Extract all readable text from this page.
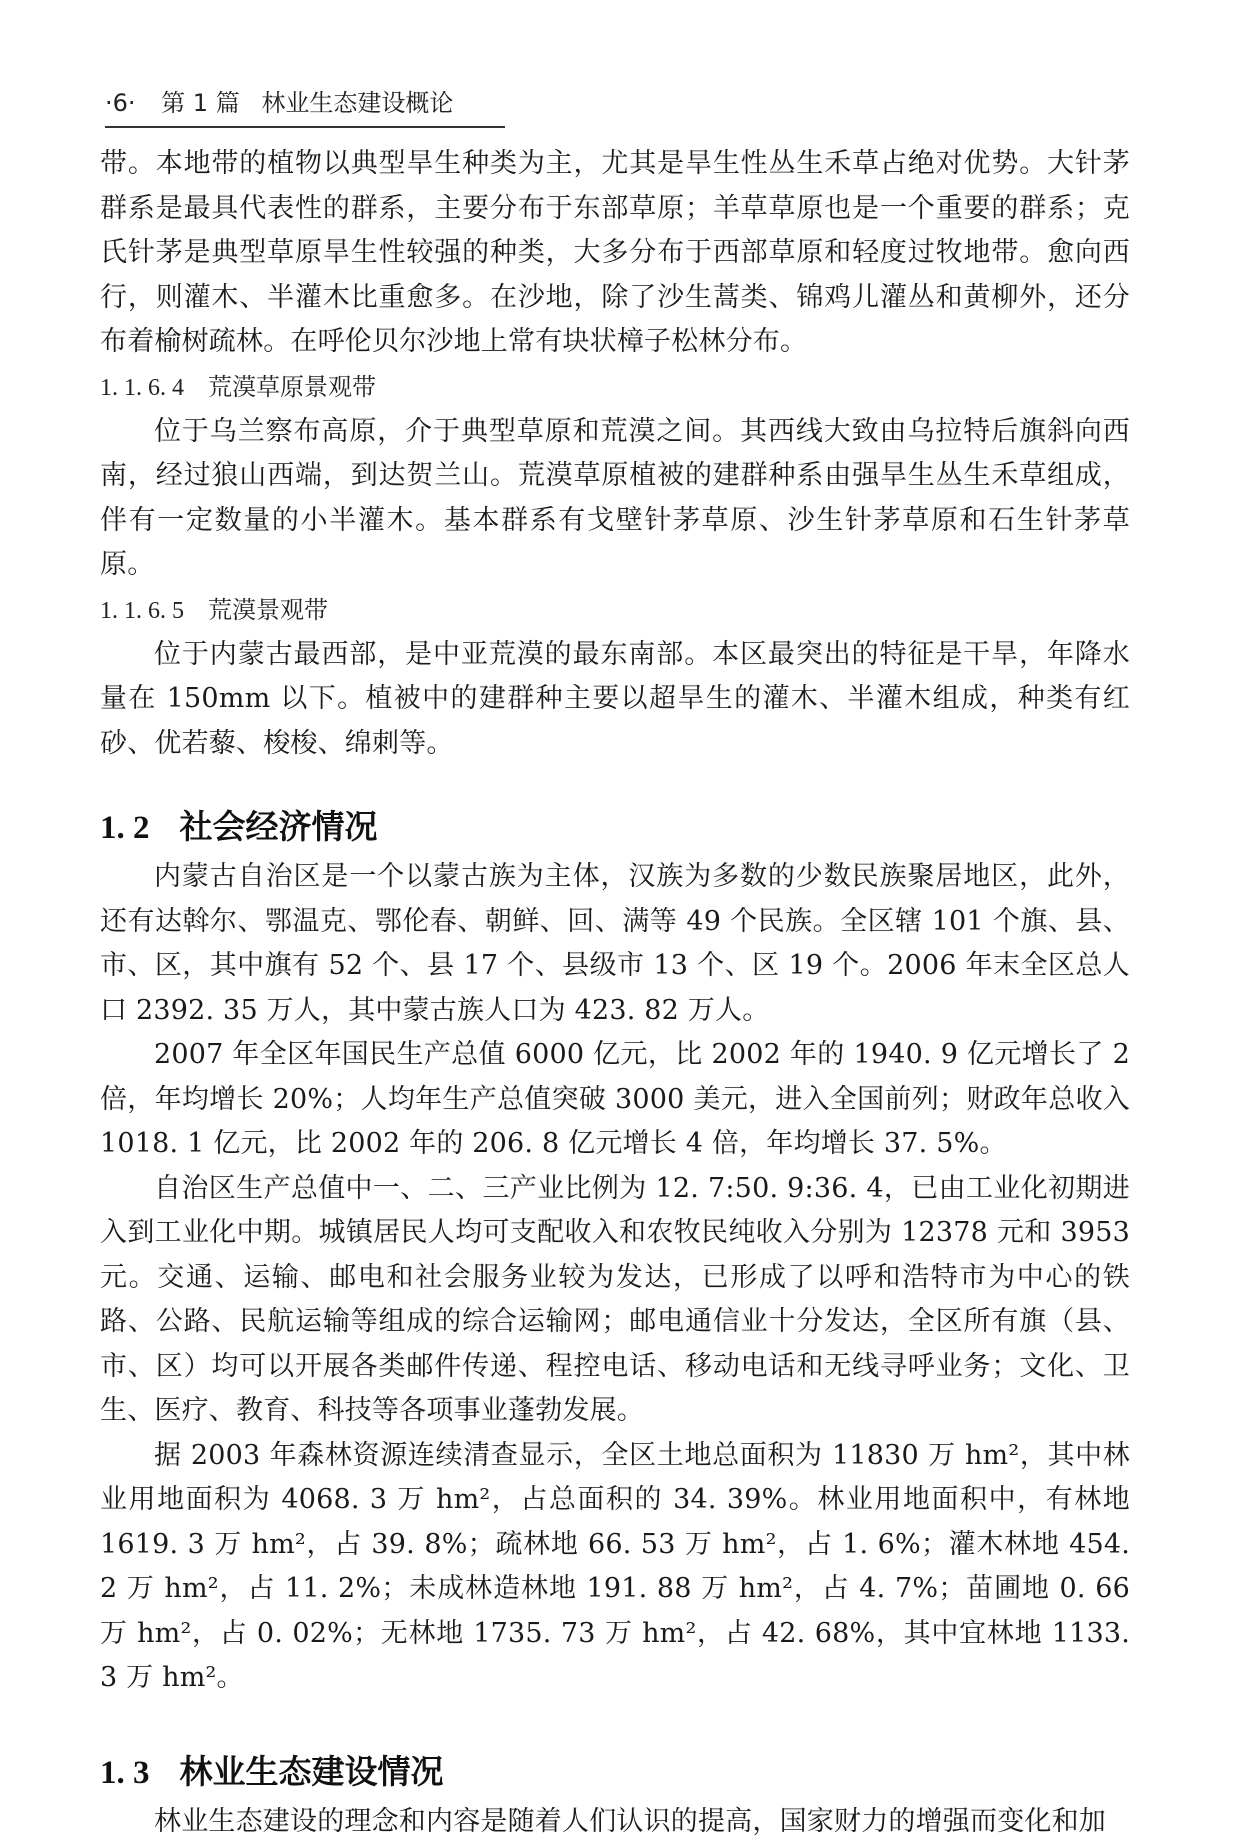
·6· 第 1 篇 林业生态建设概论

带。本地带的植物以典型旱生种类为主，尤其是旱生性丛生禾草占绝对优势。大针茅群系是最具代表性的群系，主要分布于东部草原；羊草草原也是一个重要的群系；克氏针茅是典型草原旱生性较强的种类，大多分布于西部草原和轻度过牧地带。愈向西行，则灌木、半灌木比重愈多。在沙地，除了沙生蒿类、锦鸡儿灌丛和黄柳外，还分布着榆树疏林。在呼伦贝尔沙地上常有块状樟子松林分布。

1. 1. 6. 4 荒漠草原景观带

位于乌兰察布高原，介于典型草原和荒漠之间。其西线大致由乌拉特后旗斜向西南，经过狼山西端，到达贺兰山。荒漠草原植被的建群种系由强旱生丛生禾草组成，伴有一定数量的小半灌木。基本群系有戈壁针茅草原、沙生针茅草原和石生针茅草原。

1. 1. 6. 5 荒漠景观带

位于内蒙古最西部，是中亚荒漠的最东南部。本区最突出的特征是干旱，年降水量在 150mm 以下。植被中的建群种主要以超旱生的灌木、半灌木组成，种类有红砂、优若藜、梭梭、绵刺等。

1. 2 社会经济情况

内蒙古自治区是一个以蒙古族为主体，汉族为多数的少数民族聚居地区，此外，还有达斡尔、鄂温克、鄂伦春、朝鲜、回、满等 49 个民族。全区辖 101 个旗、县、市、区，其中旗有 52 个、县 17 个、县级市 13 个、区 19 个。2006 年末全区总人口 2392. 35 万人，其中蒙古族人口为 423. 82 万人。

2007 年全区年国民生产总值 6000 亿元，比 2002 年的 1940. 9 亿元增长了 2 倍，年均增长 20%；人均年生产总值突破 3000 美元，进入全国前列；财政年总收入 1018. 1 亿元，比 2002 年的 206. 8 亿元增长 4 倍，年均增长 37. 5%。

自治区生产总值中一、二、三产业比例为 12. 7:50. 9:36. 4，已由工业化初期进入到工业化中期。城镇居民人均可支配收入和农牧民纯收入分别为 12378 元和 3953 元。交通、运输、邮电和社会服务业较为发达，已形成了以呼和浩特市为中心的铁路、公路、民航运输等组成的综合运输网；邮电通信业十分发达，全区所有旗（县、市、区）均可以开展各类邮件传递、程控电话、移动电话和无线寻呼业务；文化、卫生、医疗、教育、科技等各项事业蓬勃发展。

据 2003 年森林资源连续清查显示，全区土地总面积为 11830 万 hm²，其中林业用地面积为 4068. 3 万 hm²，占总面积的 34. 39%。林业用地面积中，有林地 1619. 3 万 hm²，占 39. 8%；疏林地 66. 53 万 hm²，占 1. 6%；灌木林地 454. 2 万 hm²，占 11. 2%；未成林造林地 191. 88 万 hm²，占 4. 7%；苗圃地 0. 66 万 hm²，占 0. 02%；无林地 1735. 73 万 hm²，占 42. 68%，其中宜林地 1133. 3 万 hm²。

1. 3 林业生态建设情况

林业生态建设的理念和内容是随着人们认识的提高，国家财力的增强而变化和加
